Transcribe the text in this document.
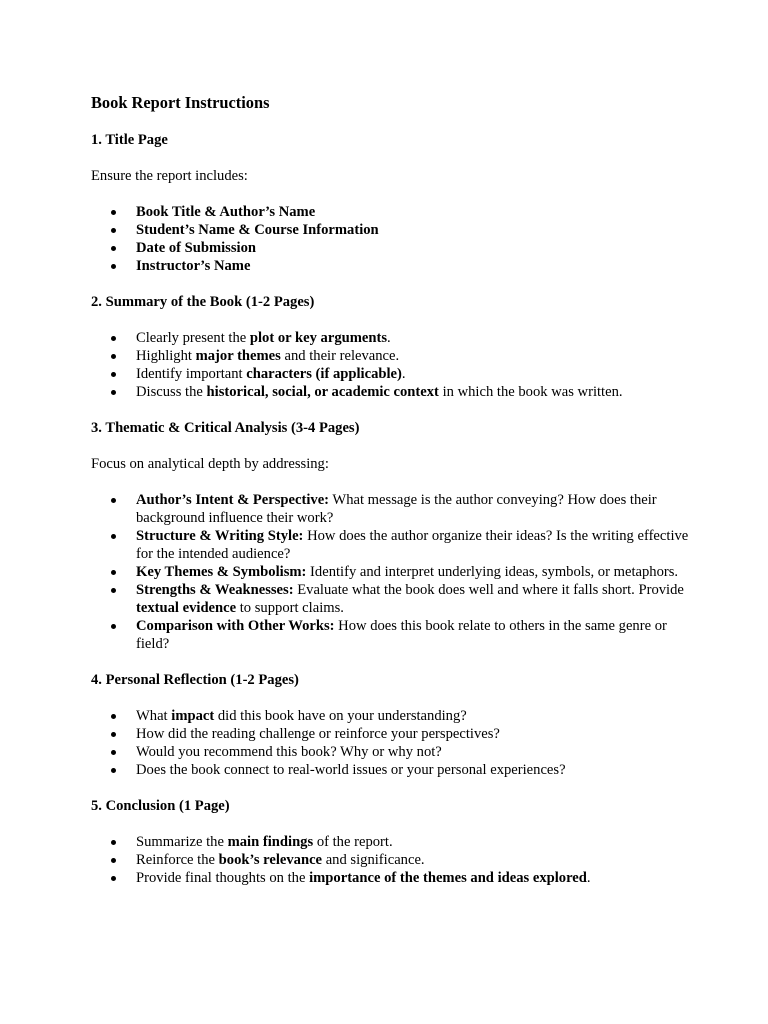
Book Report Instructions
1. Title Page
Ensure the report includes:
Book Title & Author’s Name
Student’s Name & Course Information
Date of Submission
Instructor’s Name
2. Summary of the Book (1-2 Pages)
Clearly present the plot or key arguments.
Highlight major themes and their relevance.
Identify important characters (if applicable).
Discuss the historical, social, or academic context in which the book was written.
3. Thematic & Critical Analysis (3-4 Pages)
Focus on analytical depth by addressing:
Author’s Intent & Perspective: What message is the author conveying? How does their background influence their work?
Structure & Writing Style: How does the author organize their ideas? Is the writing effective for the intended audience?
Key Themes & Symbolism: Identify and interpret underlying ideas, symbols, or metaphors.
Strengths & Weaknesses: Evaluate what the book does well and where it falls short. Provide textual evidence to support claims.
Comparison with Other Works: How does this book relate to others in the same genre or field?
4. Personal Reflection (1-2 Pages)
What impact did this book have on your understanding?
How did the reading challenge or reinforce your perspectives?
Would you recommend this book? Why or why not?
Does the book connect to real-world issues or your personal experiences?
5. Conclusion (1 Page)
Summarize the main findings of the report.
Reinforce the book’s relevance and significance.
Provide final thoughts on the importance of the themes and ideas explored.
